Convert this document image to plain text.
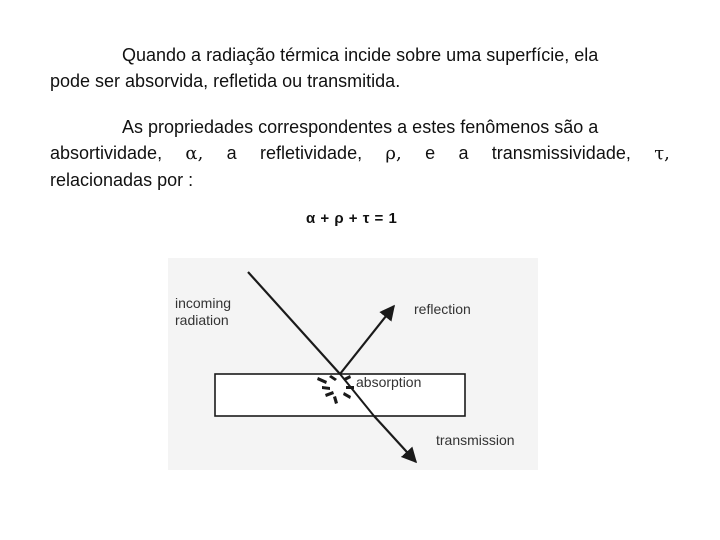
Quando a radiação térmica incide sobre uma superfície, ela
pode ser absorvida, refletida ou transmitida.

As propriedades correspondentes a estes fenômenos são a

absortividade, α, a refletividade, ρ, e a transmissividade, τ,
relacionadas por :

α + ρ + τ = 1
incoming radiation
reflection
absorption
transmission
